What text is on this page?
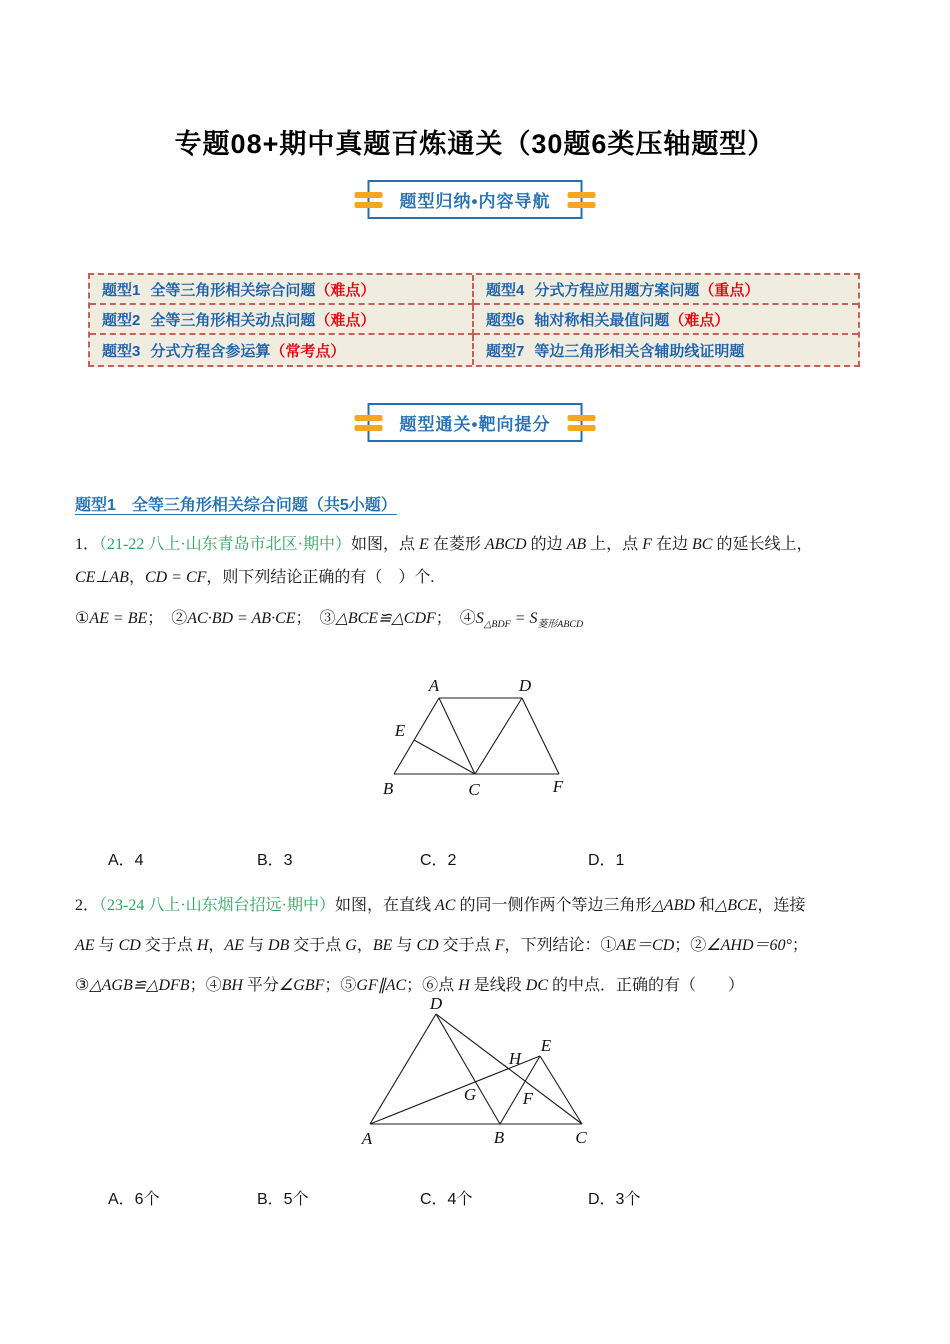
专题08+期中真题百炼通关（30题6类压轴题型）
题型归纳•内容导航
题型1 全等三角形相关综合问题 （难点）	题型4 分式方程应用题方案问题 （重点）
题型2 全等三角形相关动点问题 （难点）	题型6 轴对称相关最值问题 （难点）
题型3 分式方程含参运算 （常考点）	题型7 等边三角形相关含辅助线证明题
题型通关•靶向提分
题型1　全等三角形相关综合问题（共5小题）

1．（21-22 八上·山东青岛市北区·期中）如图，点 E 在菱形 ABCD 的边 AB 上，点 F 在边 BC 的延长线上，
CE⊥AB，CD = CF，则下列结论正确的有（　）个.

①AE = BE；　②AC·BD = AB·CE；　③△BCE≌△CDF；　$④S_{\triangle BDF} = S_{菱形ABCD}$

A	D
E
B	C	F
A．4	B．3	C．2	D．1

2．（23-24 八上·山东烟台招远·期中）如图，在直线 AC 的同一侧作两个等边三角形△ABD 和△BCE，连接
AE 与 CD 交于点 H，AE 与 DB 交于点 G，BE 与 CD 交于点 F，下列结论：①AE＝CD；②∠AHD＝60°；
③△AGB≌△DFB；④BH 平分∠GBF；⑤GF∥AC；⑥点 H 是线段 DC 的中点．正确的有（　　）

D
E
H
G	F
A	B	C
A．6个	B．5个	C．4个	D．3个
